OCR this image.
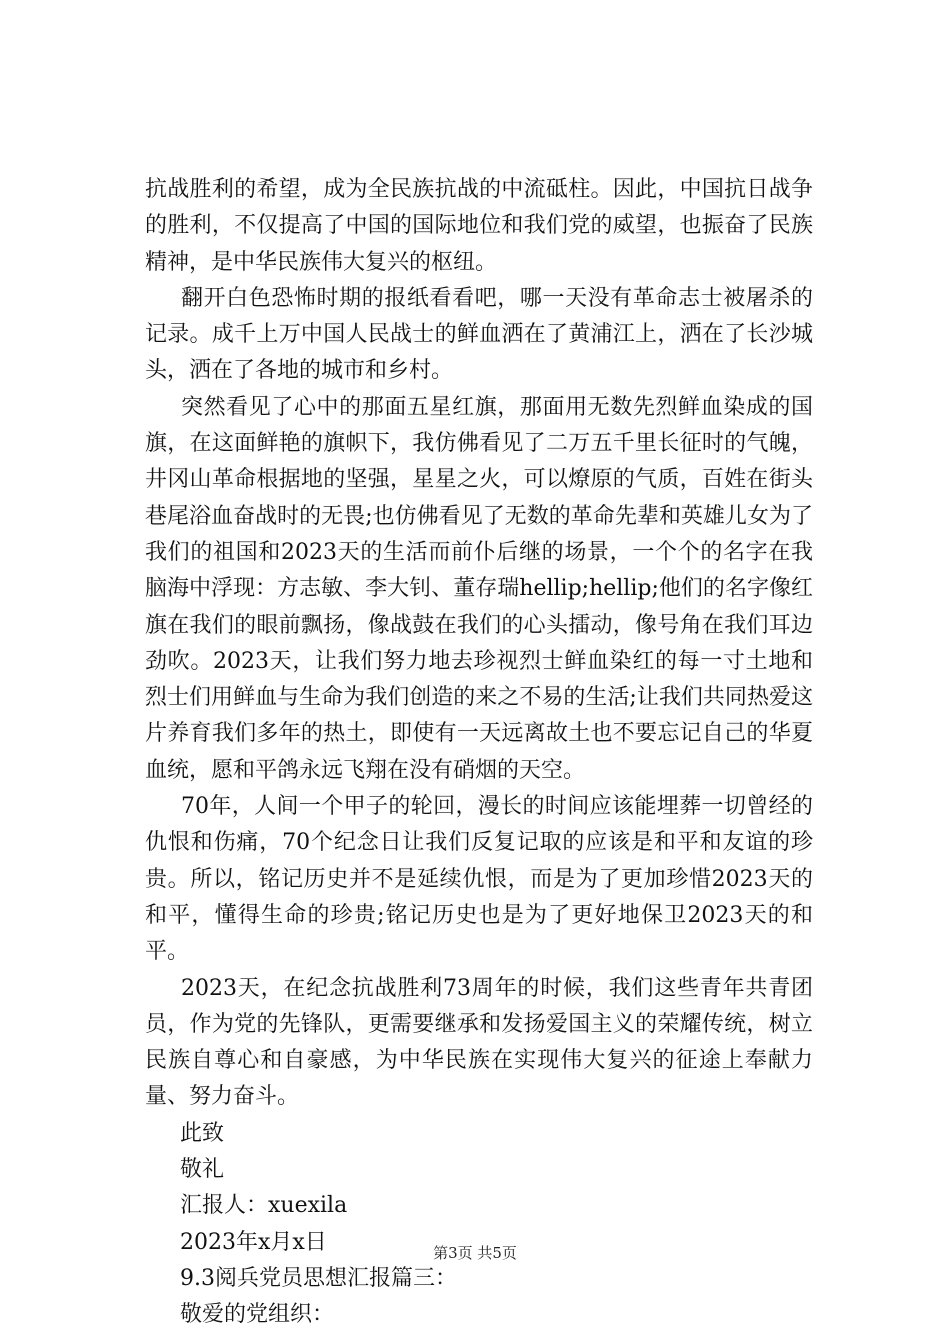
抗战胜利的希望，成为全民族抗战的中流砥柱。因此，中国抗日战争的胜利，不仅提高了中国的国际地位和我们党的威望，也振奋了民族精神，是中华民族伟大复兴的枢纽。

翻开白色恐怖时期的报纸看看吧，哪一天没有革命志士被屠杀的记录。成千上万中国人民战士的鲜血洒在了黄浦江上，洒在了长沙城头，洒在了各地的城市和乡村。

突然看见了心中的那面五星红旗，那面用无数先烈鲜血染成的国旗，在这面鲜艳的旗帜下，我仿佛看见了二万五千里长征时的气魄，井冈山革命根据地的坚强，星星之火，可以燎原的气质，百姓在街头巷尾浴血奋战时的无畏;也仿佛看见了无数的革命先辈和英雄儿女为了我们的祖国和2023天的生活而前仆后继的场景，一个个的名字在我脑海中浮现：方志敏、李大钊、董存瑞hellip;hellip;他们的名字像红旗在我们的眼前飘扬，像战鼓在我们的心头擂动，像号角在我们耳边劲吹。2023天，让我们努力地去珍视烈士鲜血染红的每一寸土地和烈士们用鲜血与生命为我们创造的来之不易的生活;让我们共同热爱这片养育我们多年的热土，即使有一天远离故土也不要忘记自己的华夏血统，愿和平鸽永远飞翔在没有硝烟的天空。

70年，人间一个甲子的轮回，漫长的时间应该能埋葬一切曾经的仇恨和伤痛，70个纪念日让我们反复记取的应该是和平和友谊的珍贵。所以，铭记历史并不是延续仇恨，而是为了更加珍惜2023天的和平，懂得生命的珍贵;铭记历史也是为了更好地保卫2023天的和平。

2023天，在纪念抗战胜利73周年的时候，我们这些青年共青团员，作为党的先锋队，更需要继承和发扬爱国主义的荣耀传统，树立民族自尊心和自豪感，为中华民族在实现伟大复兴的征途上奉献力量、努力奋斗。

此致

敬礼

汇报人：xuexila

2023年x月x日

9.3阅兵党员思想汇报篇三：

敬爱的党组织：

第3页 共5页
